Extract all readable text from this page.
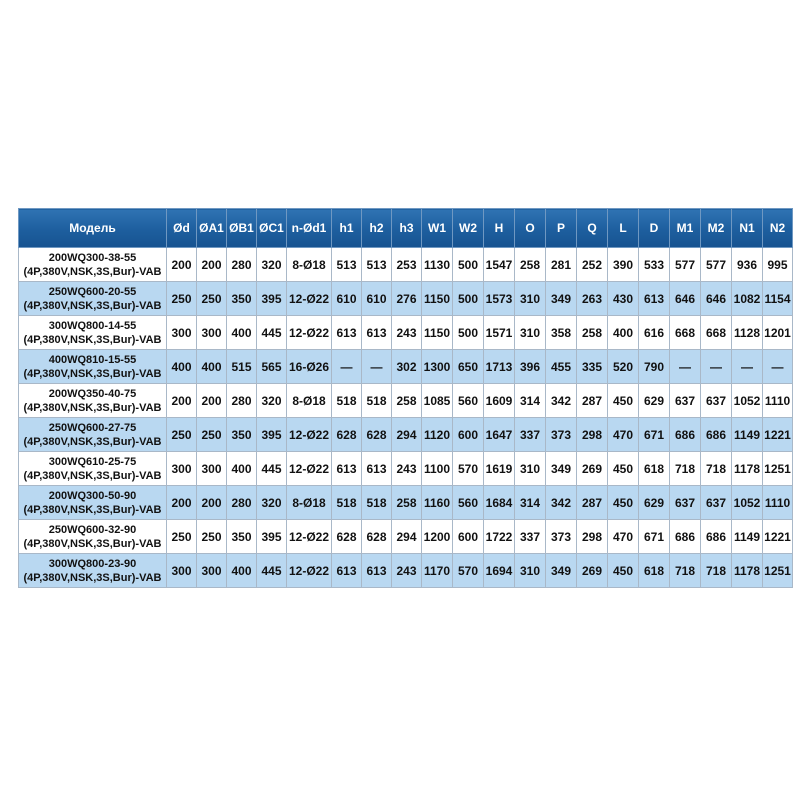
Модель	Ød	ØA1	ØB1	ØC1	n-Ød1	h1	h2	h3	W1	W2	H	O	P	Q	L	D	M1	M2	N1	N2

200WQ300-38-55
(4P,380V,NSK,3S,Bur)-VAB	200	200	280	320	8-Ø18	513	513	253	1130	500	1547	258	281	252	390	533	577	577	936	995

250WQ600-20-55
(4P,380V,NSK,3S,Bur)-VAB	250	250	350	395	12-Ø22	610	610	276	1150	500	1573	310	349	263	430	613	646	646	1082	1154

300WQ800-14-55
(4P,380V,NSK,3S,Bur)-VAB	300	300	400	445	12-Ø22	613	613	243	1150	500	1571	310	358	258	400	616	668	668	1128	1201

400WQ810-15-55
(4P,380V,NSK,3S,Bur)-VAB	400	400	515	565	16-Ø26	—	—	302	1300	650	1713	396	455	335	520	790	—	—	—	—

200WQ350-40-75
(4P,380V,NSK,3S,Bur)-VAB	200	200	280	320	8-Ø18	518	518	258	1085	560	1609	314	342	287	450	629	637	637	1052	1110

250WQ600-27-75
(4P,380V,NSK,3S,Bur)-VAB	250	250	350	395	12-Ø22	628	628	294	1120	600	1647	337	373	298	470	671	686	686	1149	1221

300WQ610-25-75
(4P,380V,NSK,3S,Bur)-VAB	300	300	400	445	12-Ø22	613	613	243	1100	570	1619	310	349	269	450	618	718	718	1178	1251

200WQ300-50-90
(4P,380V,NSK,3S,Bur)-VAB	200	200	280	320	8-Ø18	518	518	258	1160	560	1684	314	342	287	450	629	637	637	1052	1110

250WQ600-32-90
(4P,380V,NSK,3S,Bur)-VAB	250	250	350	395	12-Ø22	628	628	294	1200	600	1722	337	373	298	470	671	686	686	1149	1221

300WQ800-23-90
(4P,380V,NSK,3S,Bur)-VAB	300	300	400	445	12-Ø22	613	613	243	1170	570	1694	310	349	269	450	618	718	718	1178	1251
